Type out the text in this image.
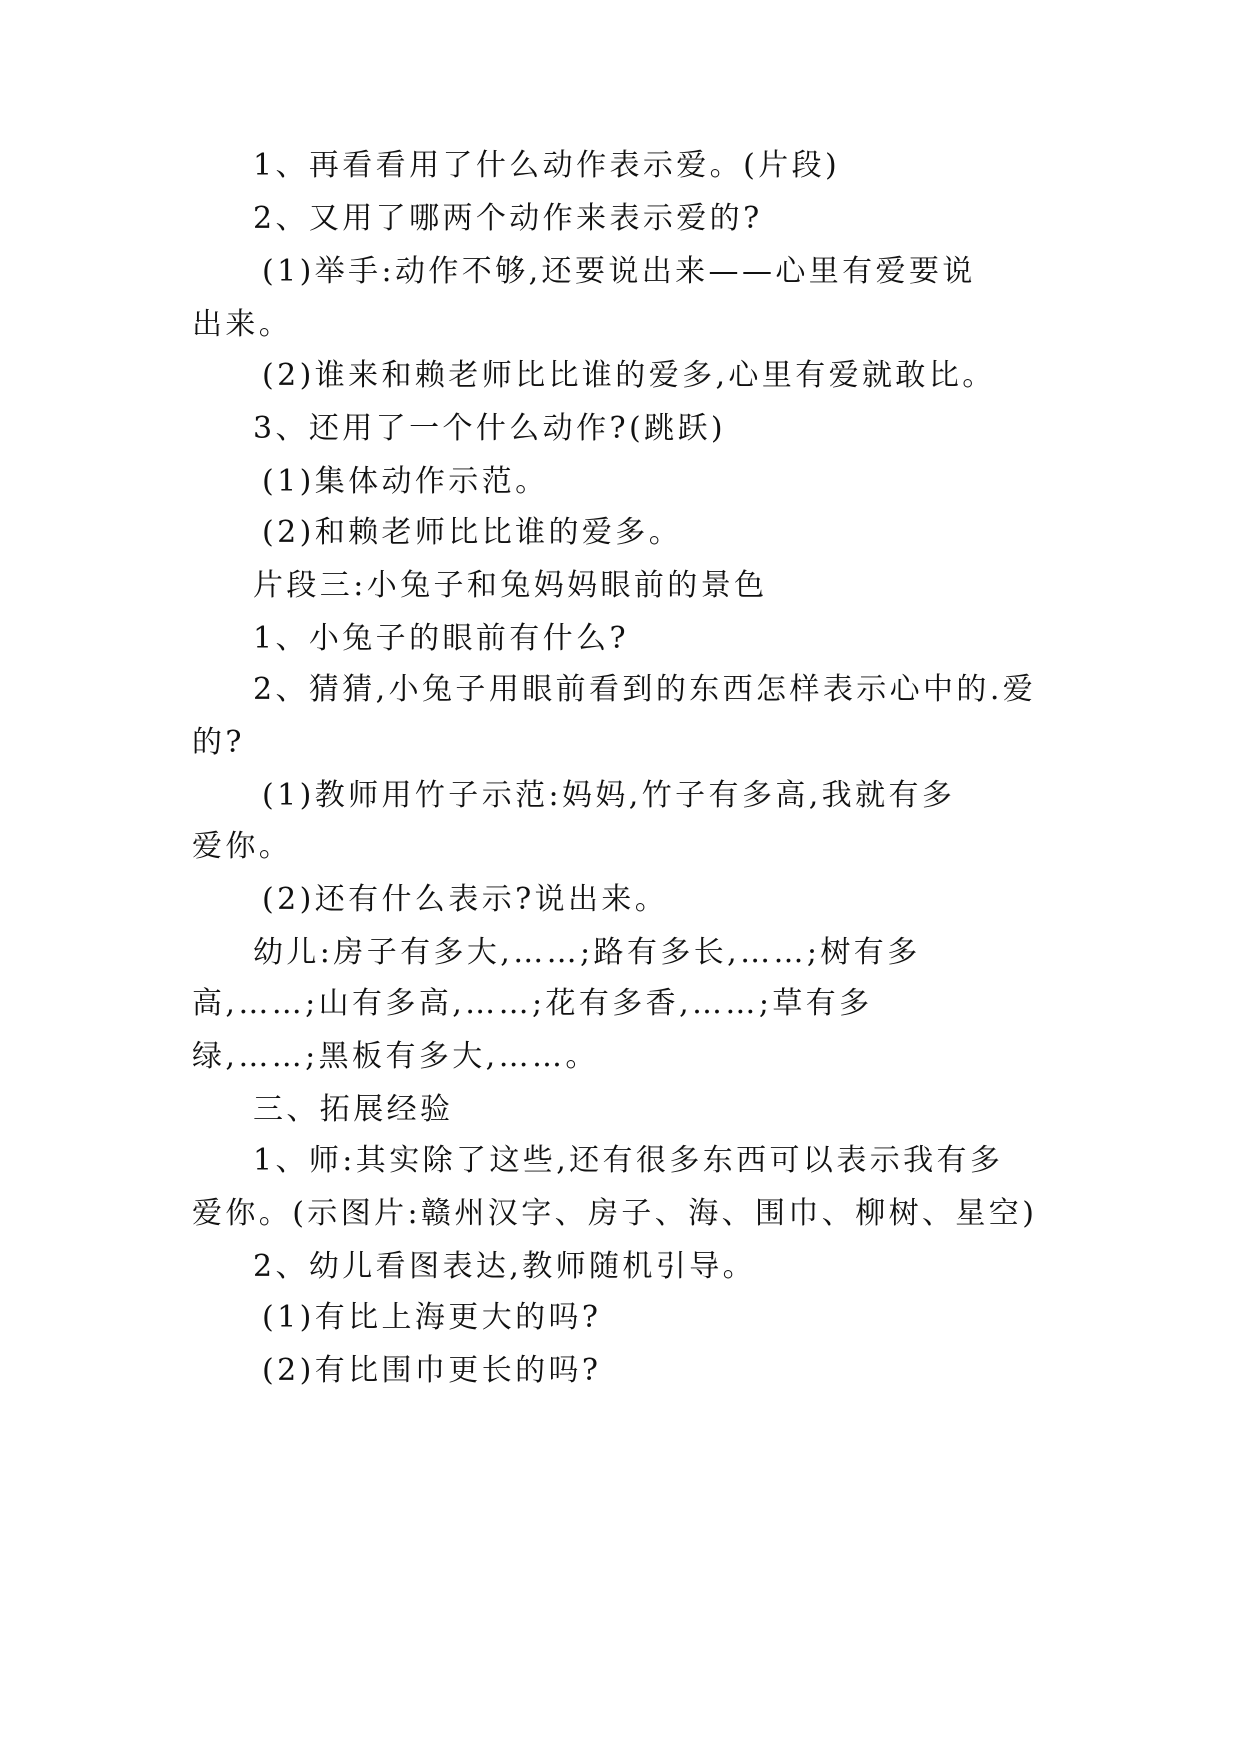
1、再看看用了什么动作表示爱。(片段)
2、又用了哪两个动作来表示爱的?
(1)举手:动作不够,还要说出来——心里有爱要说
出来。
(2)谁来和赖老师比比谁的爱多,心里有爱就敢比。
3、还用了一个什么动作?(跳跃)
(1)集体动作示范。
(2)和赖老师比比谁的爱多。
片段三:小兔子和兔妈妈眼前的景色
1、小兔子的眼前有什么?
2、猜猜,小兔子用眼前看到的东西怎样表示心中的.爱
的?
(1)教师用竹子示范:妈妈,竹子有多高,我就有多
爱你。
(2)还有什么表示?说出来。
幼儿:房子有多大,……;路有多长,……;树有多
高,……;山有多高,……;花有多香,……;草有多
绿,……;黑板有多大,……。
三、拓展经验
1、师:其实除了这些,还有很多东西可以表示我有多
爱你。(示图片:赣州汉字、房子、海、围巾、柳树、星空)
2、幼儿看图表达,教师随机引导。
(1)有比上海更大的吗?
(2)有比围巾更长的吗?
